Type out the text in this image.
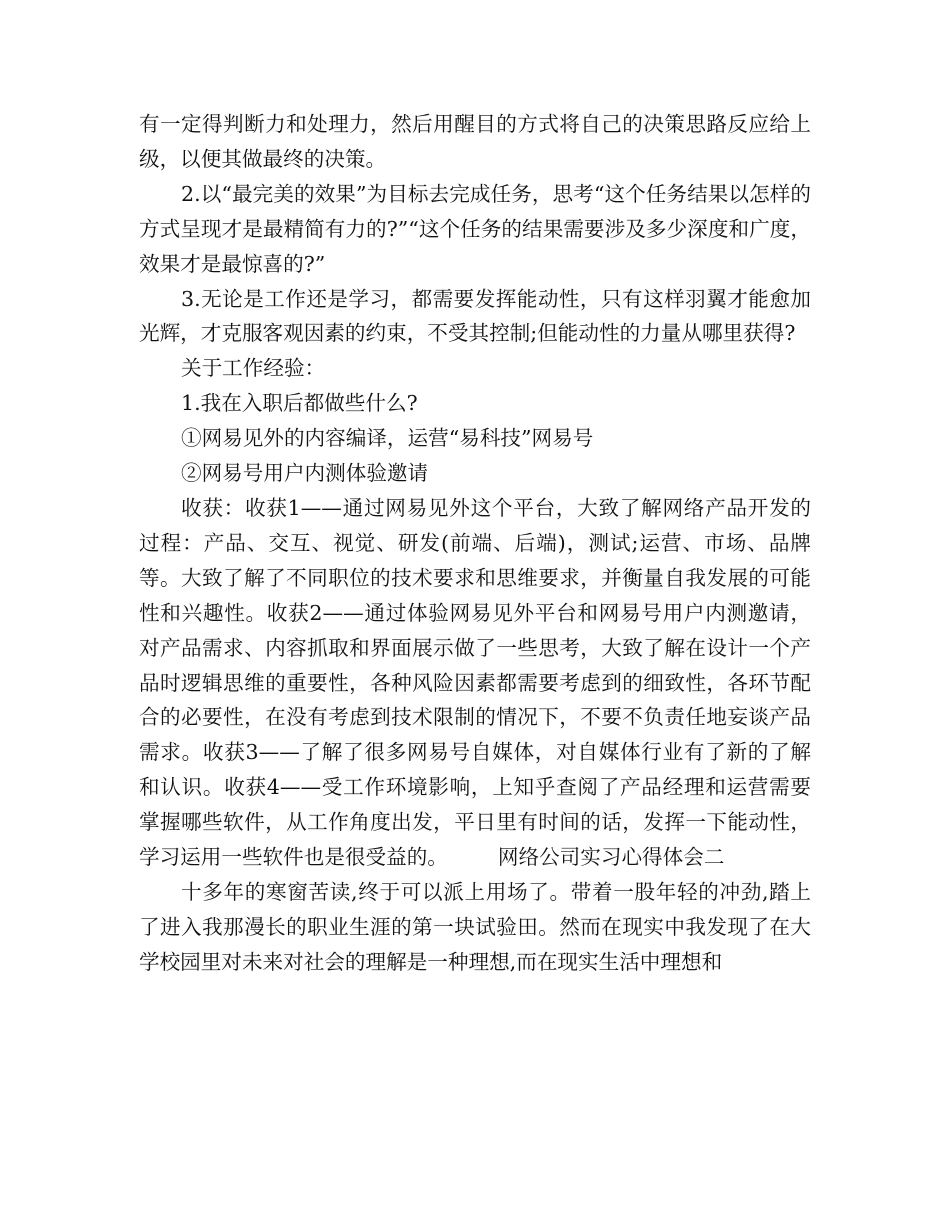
有一定得判断力和处理力，然后用醒目的方式将自己的决策思路反应给上级，以便其做最终的决策。

2.以“最完美的效果”为目标去完成任务，思考“这个任务结果以怎样的方式呈现才是最精简有力的?”“这个任务的结果需要涉及多少深度和广度，效果才是最惊喜的?”

3.无论是工作还是学习，都需要发挥能动性，只有这样羽翼才能愈加光辉，才克服客观因素的约束，不受其控制;但能动性的力量从哪里获得?

关于工作经验：

1.我在入职后都做些什么?

①网易见外的内容编译，运营“易科技”网易号

②网易号用户内测体验邀请

收获：收获1——通过网易见外这个平台，大致了解网络产品开发的过程：产品、交互、视觉、研发(前端、后端)，测试;运营、市场、品牌等。大致了解了不同职位的技术要求和思维要求，并衡量自我发展的可能性和兴趣性。收获2——通过体验网易见外平台和网易号用户内测邀请，对产品需求、内容抓取和界面展示做了一些思考，大致了解在设计一个产品时逻辑思维的重要性，各种风险因素都需要考虑到的细致性，各环节配合的必要性，在没有考虑到技术限制的情况下，不要不负责任地妄谈产品需求。收获3——了解了很多网易号自媒体，对自媒体行业有了新的了解和认识。收获4——受工作环境影响，上知乎查阅了产品经理和运营需要掌握哪些软件，从工作角度出发，平日里有时间的话，发挥一下能动性，学习运用一些软件也是很受益的。 网络公司实习心得体会二

十多年的寒窗苦读,终于可以派上用场了。带着一股年轻的冲劲,踏上了进入我那漫长的职业生涯的第一块试验田。然而在现实中我发现了在大学校园里对未来对社会的理解是一种理想,而在现实生活中理想和
